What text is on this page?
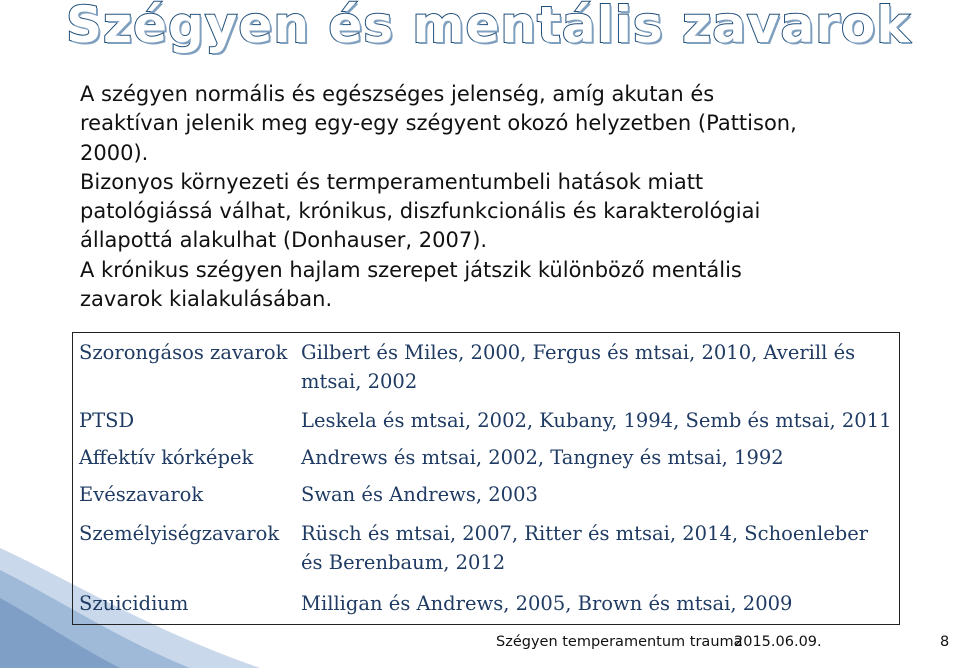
Szégyen és mentális zavarok
A szégyen normális és egészséges jelenség, amíg akutan és
reaktívan jelenik meg egy-egy szégyent okozó helyzetben (Pattison,
2000).
Bizonyos környezeti és termperamentumbeli hatások miatt
patológiássá válhat, krónikus, diszfunkcionális és karakterológiai
állapottá alakulhat (Donhauser, 2007).
A krónikus szégyen hajlam szerepet játszik különböző mentális
zavarok kialakulásában.
Szorongásos zavarok	Gilbert és Miles, 2000, Fergus és mtsai, 2010, Averill és mtsai, 2002
PTSD	Leskela és mtsai, 2002, Kubany, 1994, Semb és mtsai, 2011
Affektív kórképek	Andrews és mtsai, 2002, Tangney és mtsai, 1992
Evészavarok	Swan és Andrews, 2003
Személyiségzavarok	Rüsch és mtsai, 2007, Ritter és mtsai, 2014, Schoenleber és Berenbaum, 2012
Szuicidium	Milligan és Andrews, 2005, Brown és mtsai, 2009
Szégyen temperamentum trauma
2015.06.09.	8
